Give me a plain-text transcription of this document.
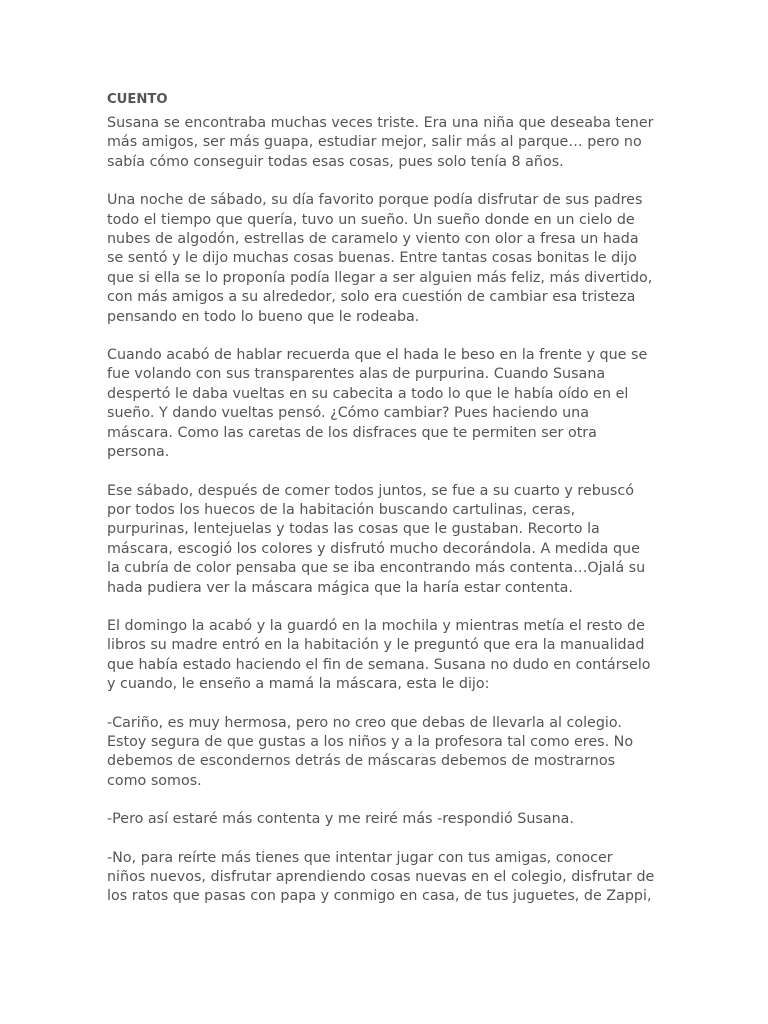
CUENTO
Susana se encontraba muchas veces triste. Era una niña que deseaba tener
más amigos, ser más guapa, estudiar mejor, salir más al parque… pero no
sabía cómo conseguir todas esas cosas, pues solo tenía 8 años.
Una noche de sábado, su día favorito porque podía disfrutar de sus padres
todo el tiempo que quería, tuvo un sueño. Un sueño donde en un cielo de
nubes de algodón, estrellas de caramelo y viento con olor a fresa un hada
se sentó y le dijo muchas cosas buenas. Entre tantas cosas bonitas le dijo
que si ella se lo proponía podía llegar a ser alguien más feliz, más divertido,
con más amigos a su alrededor, solo era cuestión de cambiar esa tristeza
pensando en todo lo bueno que le rodeaba.
Cuando acabó de hablar recuerda que el hada le beso en la frente y que se
fue volando con sus transparentes alas de purpurina. Cuando Susana
despertó le daba vueltas en su cabecita a todo lo que le había oído en el
sueño. Y dando vueltas pensó. ¿Cómo cambiar? Pues haciendo una
máscara. Como las caretas de los disfraces que te permiten ser otra
persona.
Ese sábado, después de comer todos juntos, se fue a su cuarto y rebuscó
por todos los huecos de la habitación buscando cartulinas, ceras,
purpurinas, lentejuelas y todas las cosas que le gustaban. Recorto la
máscara, escogió los colores y disfrutó mucho decorándola. A medida que
la cubría de color pensaba que se iba encontrando más contenta…Ojalá su
hada pudiera ver la máscara mágica que la haría estar contenta.
El domingo la acabó y la guardó en la mochila y mientras metía el resto de
libros su madre entró en la habitación y le preguntó que era la manualidad
que había estado haciendo el fin de semana. Susana no dudo en contárselo
y cuando, le enseño a mamá la máscara, esta le dijo:
-Cariño, es muy hermosa, pero no creo que debas de llevarla al colegio.
Estoy segura de que gustas a los niños y a la profesora tal como eres. No
debemos de escondernos detrás de máscaras debemos de mostrarnos
como somos.
-Pero así estaré más contenta y me reiré más -respondió Susana.
-No, para reírte más tienes que intentar jugar con tus amigas, conocer
niños nuevos, disfrutar aprendiendo cosas nuevas en el colegio, disfrutar de
los ratos que pasas con papa y conmigo en casa, de tus juguetes, de Zappi,
